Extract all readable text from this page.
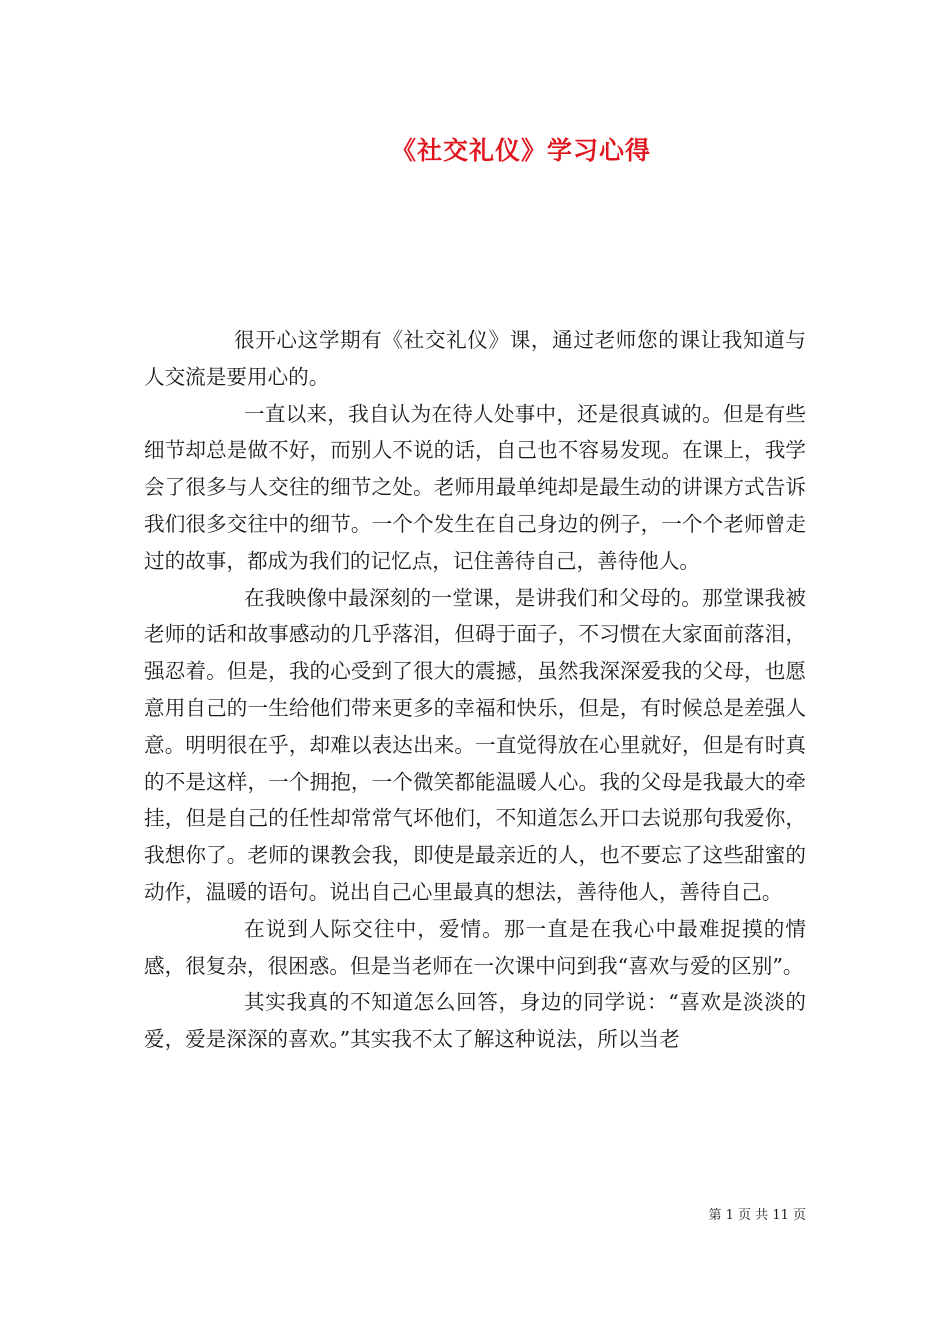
《社交礼仪》学习心得

很开心这学期有《社交礼仪》课，通过老师您的课让我知道与人交流是要用心的。

一直以来，我自认为在待人处事中，还是很真诚的。但是有些细节却总是做不好，而别人不说的话，自己也不容易发现。在课上，我学会了很多与人交往的细节之处。老师用最单纯却是最生动的讲课方式告诉我们很多交往中的细节。一个个发生在自己身边的例子，一个个老师曾走过的故事，都成为我们的记忆点，记住善待自己，善待他人。

在我映像中最深刻的一堂课，是讲我们和父母的。那堂课我被老师的话和故事感动的几乎落泪，但碍于面子，不习惯在大家面前落泪，强忍着。但是，我的心受到了很大的震撼，虽然我深深爱我的父母，也愿意用自己的一生给他们带来更多的幸福和快乐，但是，有时候总是差强人意。明明很在乎，却难以表达出来。一直觉得放在心里就好，但是有时真的不是这样，一个拥抱，一个微笑都能温暖人心。我的父母是我最大的牵挂，但是自己的任性却常常气坏他们，不知道怎么开口去说那句我爱你，我想你了。老师的课教会我，即使是最亲近的人，也不要忘了这些甜蜜的动作，温暖的语句。说出自己心里最真的想法，善待他人，善待自己。

在说到人际交往中，爱情。那一直是在我心中最难捉摸的情感，很复杂，很困惑。但是当老师在一次课中问到我“喜欢与爱的区别”。

其实我真的不知道怎么回答，身边的同学说：“喜欢是淡淡的爱，爱是深深的喜欢。”其实我不太了解这种说法，所以当老

第 1 页 共 11 页
